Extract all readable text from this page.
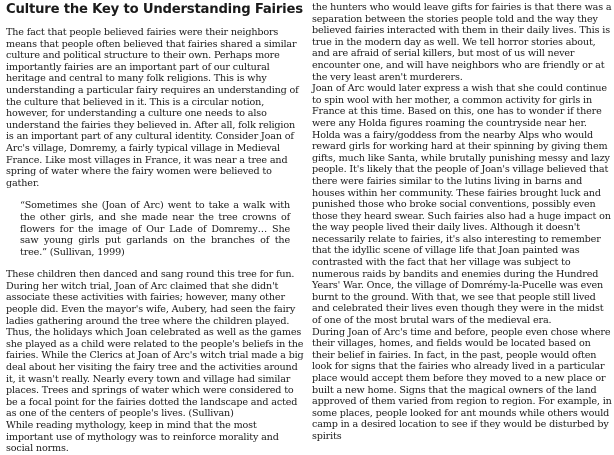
Culture the Key to Understanding Fairies

The fact that people believed fairies were their neighbors means that people often believed that fairies shared a similar culture and political structure to their own. Perhaps more importantly fairies are an important part of our cultural heritage and central to many folk religions. This is why understanding a particular fairy requires an understanding of the culture that believed in it. This is a circular notion, however, for understanding a culture one needs to also understand the fairies they believed in. After all, folk religion is an important part of any cultural identity. Consider Joan of Arc's village, Domremy, a fairly typical village in Medieval France. Like most villages in France, it was near a tree and spring of water where the fairy women were believed to gather.

“Sometimes she (Joan of Arc) went to take a walk with the other girls, and she made near the tree crowns of flowers for the image of Our Lade of Domremy… She saw young girls put garlands on the branches of the tree.” (Sullivan, 1999)

These children then danced and sang round this tree for fun. During her witch trial, Joan of Arc claimed that she didn't associate these activities with fairies; however, many other people did. Even the mayor's wife, Aubery, had seen the fairy ladies gathering around the tree where the children played. Thus, the holidays which Joan celebrated as well as the games she played as a child were related to the people's beliefs in the fairies. While the Clerics at Joan of Arc's witch trial made a big deal about her visiting the fairy tree and the activities around it, it wasn't really. Nearly every town and village had similar places. Trees and springs of water which were considered to be a focal point for the fairies dotted the landscape and acted as one of the centers of people's lives. (Sullivan)

While reading mythology, keep in mind that the most important use of mythology was to reinforce morality and social norms.

the hunters who would leave gifts for fairies is that there was a separation between the stories people told and the way they believed fairies interacted with them in their daily lives. This is true in the modern day as well. We tell horror stories about, and are afraid of serial killers, but most of us will never encounter one, and will have neighbors who are friendly or at the very least aren't murderers.

Joan of Arc would later express a wish that she could continue to spin wool with her mother, a common activity for girls in France at this time. Based on this, one has to wonder if there were any Holda figures roaming the countryside near her. Holda was a fairy/goddess from the nearby Alps who would reward girls for working hard at their spinning by giving them gifts, much like Santa, while brutally punishing messy and lazy people. It's likely that the people of Joan's village believed that there were fairies similar to the lutins living in barns and houses within her community. These fairies brought luck and punished those who broke social conventions, possibly even those they heard swear. Such fairies also had a huge impact on the way people lived their daily lives. Although it doesn't necessarily relate to fairies, it's also interesting to remember that the idyllic scene of village life that Joan painted was contrasted with the fact that her village was subject to numerous raids by bandits and enemies during the Hundred Years' War. Once, the village of Domrémy-la-Pucelle was even burnt to the ground. With that, we see that people still lived and celebrated their lives even though they were in the midst of one of the most brutal wars of the medieval era.

During Joan of Arc's time and before, people even chose where their villages, homes, and fields would be located based on their belief in fairies. In fact, in the past, people would often look for signs that the fairies who already lived in a particular place would accept them before they moved to a new place or built a new home. Signs that the magical owners of the land approved of them varied from region to region. For example, in some places, people looked for ant mounds while others would camp in a desired location to see if they would be disturbed by spirits
